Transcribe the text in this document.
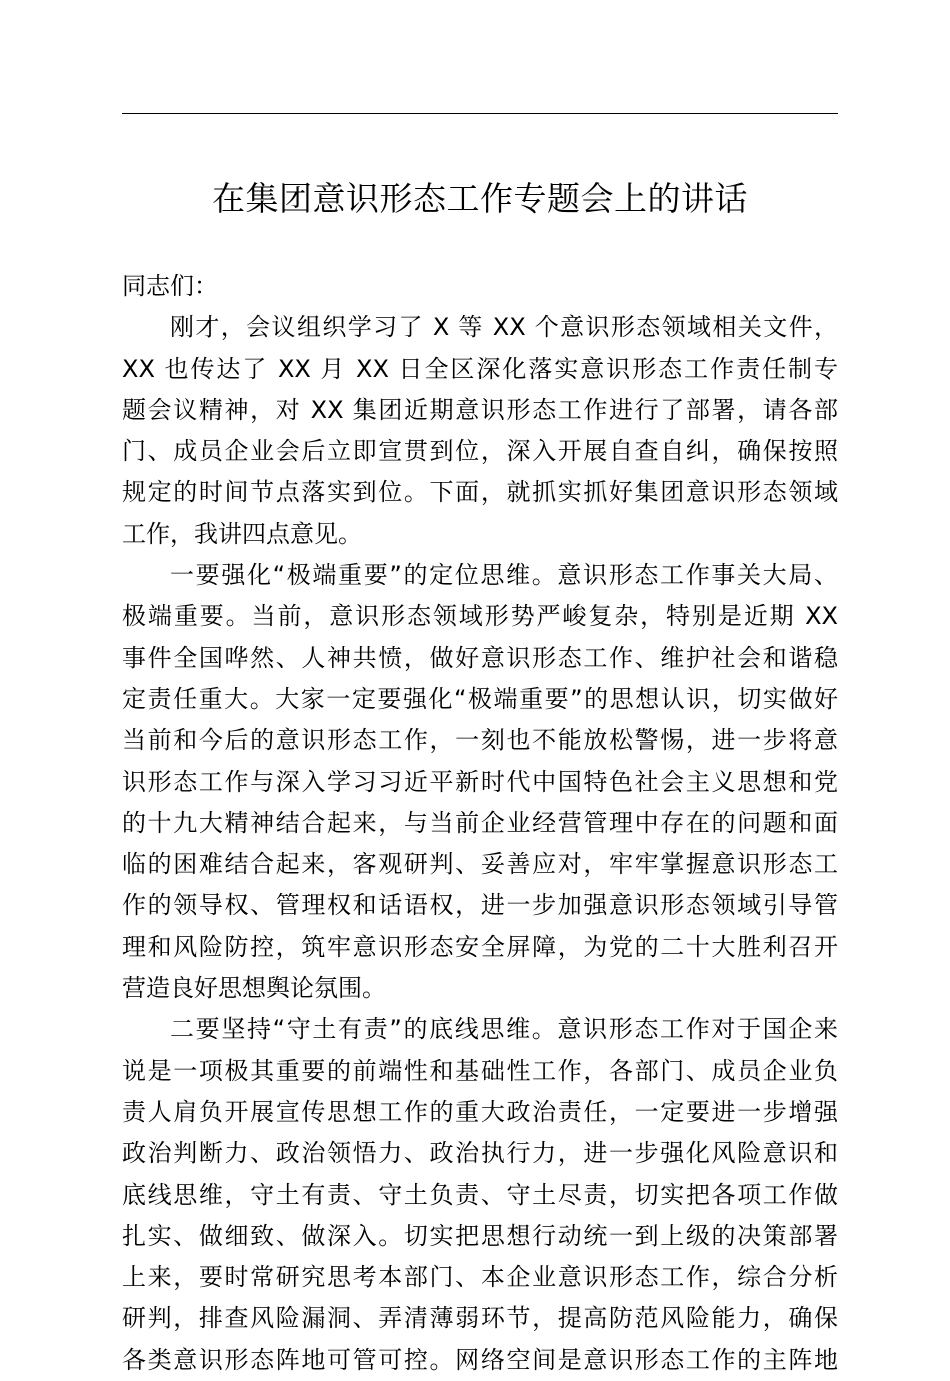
在集团意识形态工作专题会上的讲话

同志们：

刚才，会议组织学习了 X 等 XX 个意识形态领域相关文件，
XX 也传达了 XX 月 XX 日全区深化落实意识形态工作责任制专
题会议精神，对 XX 集团近期意识形态工作进行了部署，请各部
门、成员企业会后立即宣贯到位，深入开展自查自纠，确保按照
规定的时间节点落实到位。下面，就抓实抓好集团意识形态领域
工作，我讲四点意见。

一要强化“极端重要”的定位思维。意识形态工作事关大局、
极端重要。当前，意识形态领域形势严峻复杂，特别是近期 XX
事件全国哗然、人神共愤，做好意识形态工作、维护社会和谐稳
定责任重大。大家一定要强化“极端重要”的思想认识，切实做好
当前和今后的意识形态工作，一刻也不能放松警惕，进一步将意
识形态工作与深入学习习近平新时代中国特色社会主义思想和党
的十九大精神结合起来，与当前企业经营管理中存在的问题和面
临的困难结合起来，客观研判、妥善应对，牢牢掌握意识形态工
作的领导权、管理权和话语权，进一步加强意识形态领域引导管
理和风险防控，筑牢意识形态安全屏障，为党的二十大胜利召开
营造良好思想舆论氛围。

二要坚持“守土有责”的底线思维。意识形态工作对于国企来
说是一项极其重要的前端性和基础性工作，各部门、成员企业负
责人肩负开展宣传思想工作的重大政治责任，一定要进一步增强
政治判断力、政治领悟力、政治执行力，进一步强化风险意识和
底线思维，守土有责、守土负责、守土尽责，切实把各项工作做
扎实、做细致、做深入。切实把思想行动统一到上级的决策部署
上来，要时常研究思考本部门、本企业意识形态工作，综合分析
研判，排查风险漏洞、弄清薄弱环节，提高防范风险能力，确保
各类意识形态阵地可管可控。网络空间是意识形态工作的主阵地
